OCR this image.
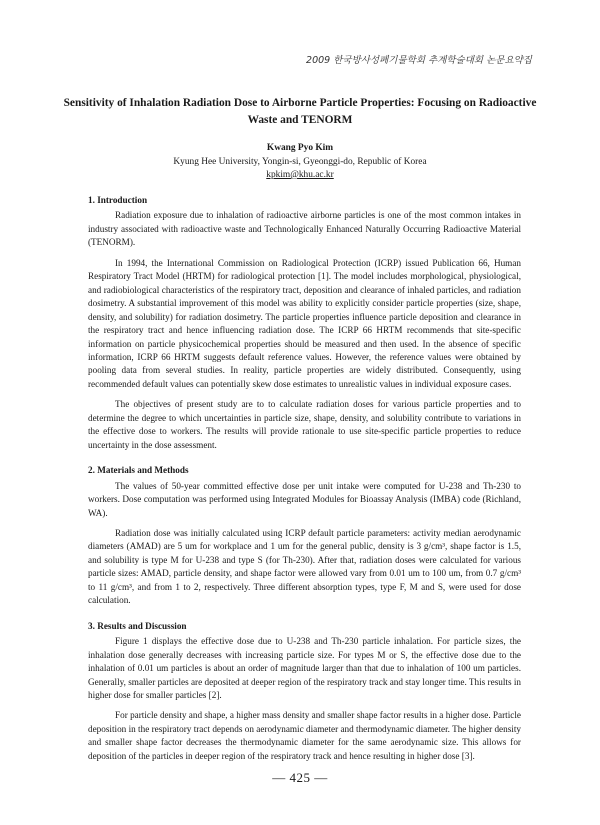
2009 한국방사성폐기물학회 추계학술대회 논문요약집
Sensitivity of Inhalation Radiation Dose to Airborne Particle Properties: Focusing on Radioactive Waste and TENORM
Kwang Pyo Kim
Kyung Hee University, Yongin-si, Gyeonggi-do, Republic of Korea
kpkim@khu.ac.kr
1. Introduction

Radiation exposure due to inhalation of radioactive airborne particles is one of the most common intakes in industry associated with radioactive waste and Technologically Enhanced Naturally Occurring Radioactive Material (TENORM).

In 1994, the International Commission on Radiological Protection (ICRP) issued Publication 66, Human Respiratory Tract Model (HRTM) for radiological protection [1]. The model includes morphological, physiological, and radiobiological characteristics of the respiratory tract, deposition and clearance of inhaled particles, and radiation dosimetry. A substantial improvement of this model was ability to explicitly consider particle properties (size, shape, density, and solubility) for radiation dosimetry. The particle properties influence particle deposition and clearance in the respiratory tract and hence influencing radiation dose. The ICRP 66 HRTM recommends that site-specific information on particle physicochemical properties should be measured and then used. In the absence of specific information, ICRP 66 HRTM suggests default reference values. However, the reference values were obtained by pooling data from several studies. In reality, particle properties are widely distributed. Consequently, using recommended default values can potentially skew dose estimates to unrealistic values in individual exposure cases.

The objectives of present study are to to calculate radiation doses for various particle properties and to determine the degree to which uncertainties in particle size, shape, density, and solubility contribute to variations in the effective dose to workers. The results will provide rationale to use site-specific particle properties to reduce uncertainty in the dose assessment.

2. Materials and Methods

The values of 50-year committed effective dose per unit intake were computed for U-238 and Th-230 to workers. Dose computation was performed using Integrated Modules for Bioassay Analysis (IMBA) code (Richland, WA).

Radiation dose was initially calculated using ICRP default particle parameters: activity median aerodynamic diameters (AMAD) are 5 um for workplace and 1 um for the general public, density is 3 g/cm³, shape factor is 1.5, and solubility is type M for U-238 and type S (for Th-230). After that, radiation doses were calculated for various particle sizes: AMAD, particle density, and shape factor were allowed vary from 0.01 um to 100 um, from 0.7 g/cm³ to 11 g/cm³, and from 1 to 2, respectively. Three different absorption types, type F, M and S, were used for dose calculation.

3. Results and Discussion

Figure 1 displays the effective dose due to U-238 and Th-230 particle inhalation. For particle sizes, the inhalation dose generally decreases with increasing particle size. For types M or S, the effective dose due to the inhalation of 0.01 um particles is about an order of magnitude larger than that due to inhalation of 100 um particles. Generally, smaller particles are deposited at deeper region of the respiratory track and stay longer time. This results in higher dose for smaller particles [2].

For particle density and shape, a higher mass density and smaller shape factor results in a higher dose. Particle deposition in the respiratory tract depends on aerodynamic diameter and thermodynamic diameter. The higher density and smaller shape factor decreases the thermodynamic diameter for the same aerodynamic size. This allows for deposition of the particles in deeper region of the respiratory track and hence resulting in higher dose [3].

— 425 —
